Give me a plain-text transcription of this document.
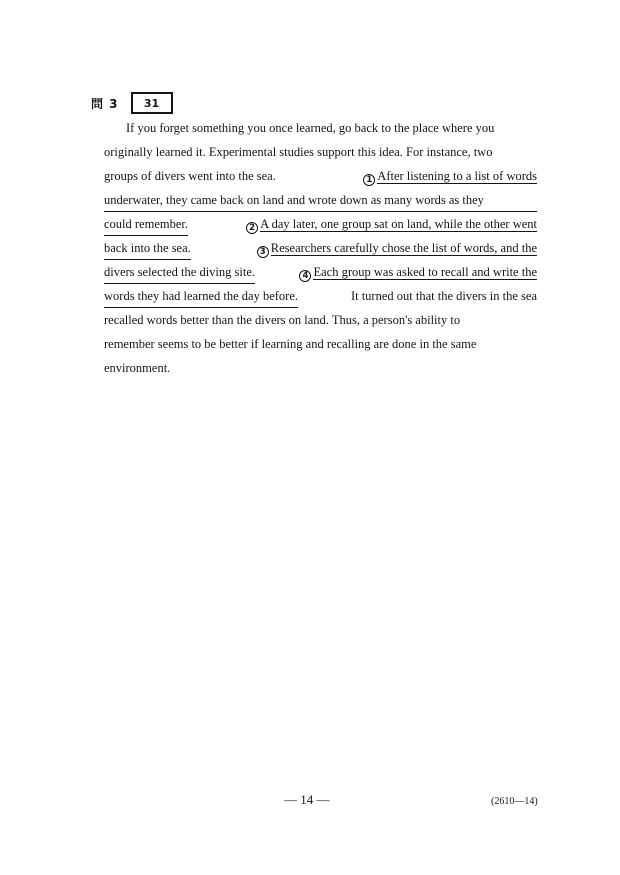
問 3	31
If you forget something you once learned, go back to the place where you
originally learned it. Experimental studies support this idea. For instance, two
groups of divers went into the sea.	1 After listening to a list of words
underwater, they came back on land and wrote down as many words as they
could remember.	2 A day later, one group sat on land, while the other went
back into the sea.	3 Researchers carefully chose the list of words, and the
divers selected the diving site.	4 Each group was asked to recall and write the
words they had learned the day before.	It turned out that the divers in the sea
recalled words better than the divers on land. Thus, a person's ability to
remember seems to be better if learning and recalling are done in the same
environment.
— 14 —	(2610—14)
